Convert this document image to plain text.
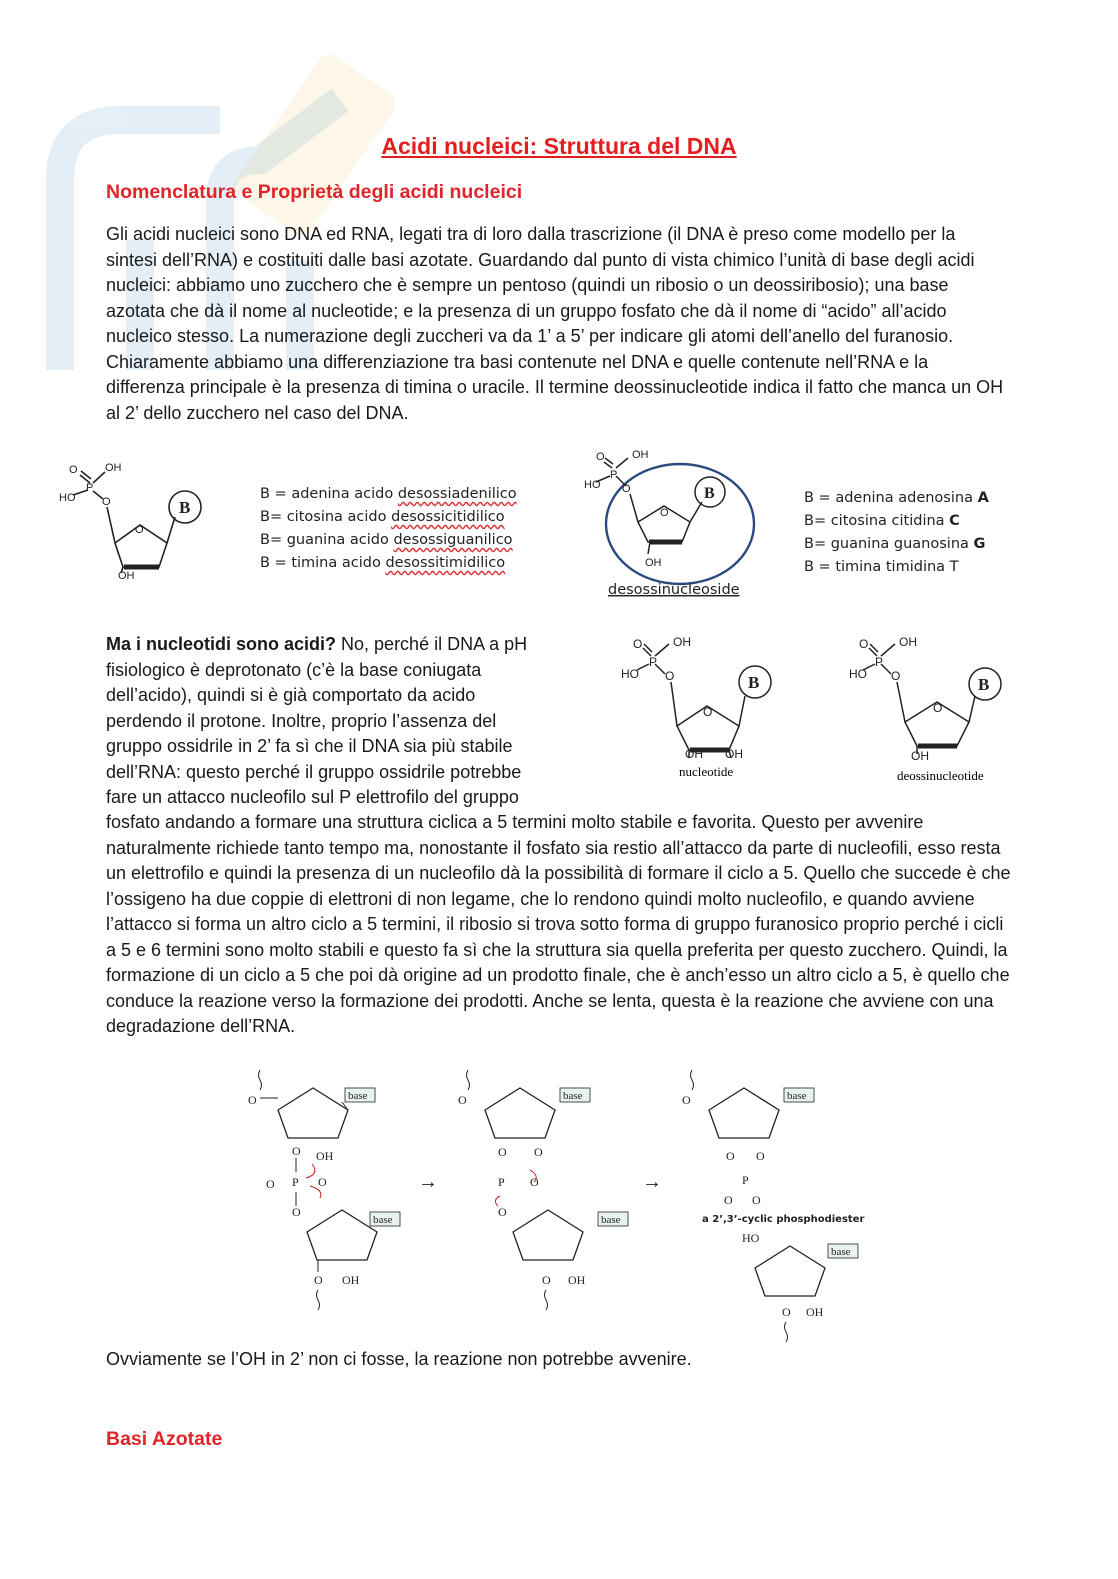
Acidi nucleici: Struttura del DNA
Nomenclatura e Proprietà degli acidi nucleici
Gli acidi nucleici sono DNA ed RNA, legati tra di loro dalla trascrizione (il DNA è preso come modello per la sintesi dell’RNA) e costituiti dalle basi azotate. Guardando dal punto di vista chimico l’unità di base degli acidi nucleici: abbiamo uno zucchero che è sempre un pentoso (quindi un ribosio o un deossiribosio); una base azotata che dà il nome al nucleotide; e la presenza di un gruppo fosfato che dà il nome di “acido” all’acido nucleico stesso. La numerazione degli zuccheri va da 1’ a 5’ per indicare gli atomi dell’anello del furanosio. Chiaramente abbiamo una differenziazione tra basi contenute nel DNA e quelle contenute nell’RNA e la differenza principale è la presenza di timina o uracile. Il termine deossinucleotide indica il fatto che manca un OH al 2’ dello zucchero nel caso del DNA.
O OH
P
HO O
O
OH
B
B = adenina acido desossiadenilico
B= citosina acido desossicitidilico
B= guanina acido desossiguanilico
B = timina acido desossitimidilico
O OH
P
HO O
O
OH
B
desossinucleoside
B = adenina adenosina A
B= citosina citidina C
B= guanina guanosina G
B = timina timidina T
Ma i nucleotidi sono acidi? No, perché il DNA a pH
fisiologico è deprotonato (c’è la base coniugata
dell’acido), quindi si è già comportato da acido
perdendo il protone. Inoltre, proprio l’assenza del
gruppo ossidrile in 2’ fa sì che il DNA sia più stabile
dell’RNA: questo perché il gruppo ossidrile potrebbe
fare un attacco nucleofilo sul P elettrofilo del gruppo
O	OH
P
HO O
O
OH OH
B
nucleotide
O	OH
P
HO O
O
OH
B
deossinucleotide
fosfato andando a formare una struttura ciclica a 5 termini molto stabile e favorita. Questo per avvenire naturalmente richiede tanto tempo ma, nonostante il fosfato sia restio all’attacco da parte di nucleofili, esso resta un elettrofilo e quindi la presenza di un nucleofilo dà la possibilità di formare il ciclo a 5. Quello che succede è che l’ossigeno ha due coppie di elettroni di non legame, che lo rendono quindi molto nucleofilo, e quando avviene l’attacco si forma un altro ciclo a 5 termini, il ribosio si trova sotto forma di gruppo furanosico proprio perché i cicli a 5 e 6 termini sono molto stabili e questo fa sì che la struttura sia quella preferita per questo zucchero. Quindi, la formazione di un ciclo a 5 che poi dà origine ad un prodotto finale, che è anch’esso un altro ciclo a 5, è quello che conduce la reazione verso la formazione dei prodotti. Anche se lenta, questa è la reazione che avviene con una degradazione dell’RNA.
O	base
O OH
O P O
O
base
O OH
→
O	base
O O
P O
O
base
O OH
→
O	base
O O
P
O O
a 2’,3’-cyclic phosphodiester
HO
base
O OH
Ovviamente se l’OH in 2’ non ci fosse, la reazione non potrebbe avvenire.
Basi Azotate
